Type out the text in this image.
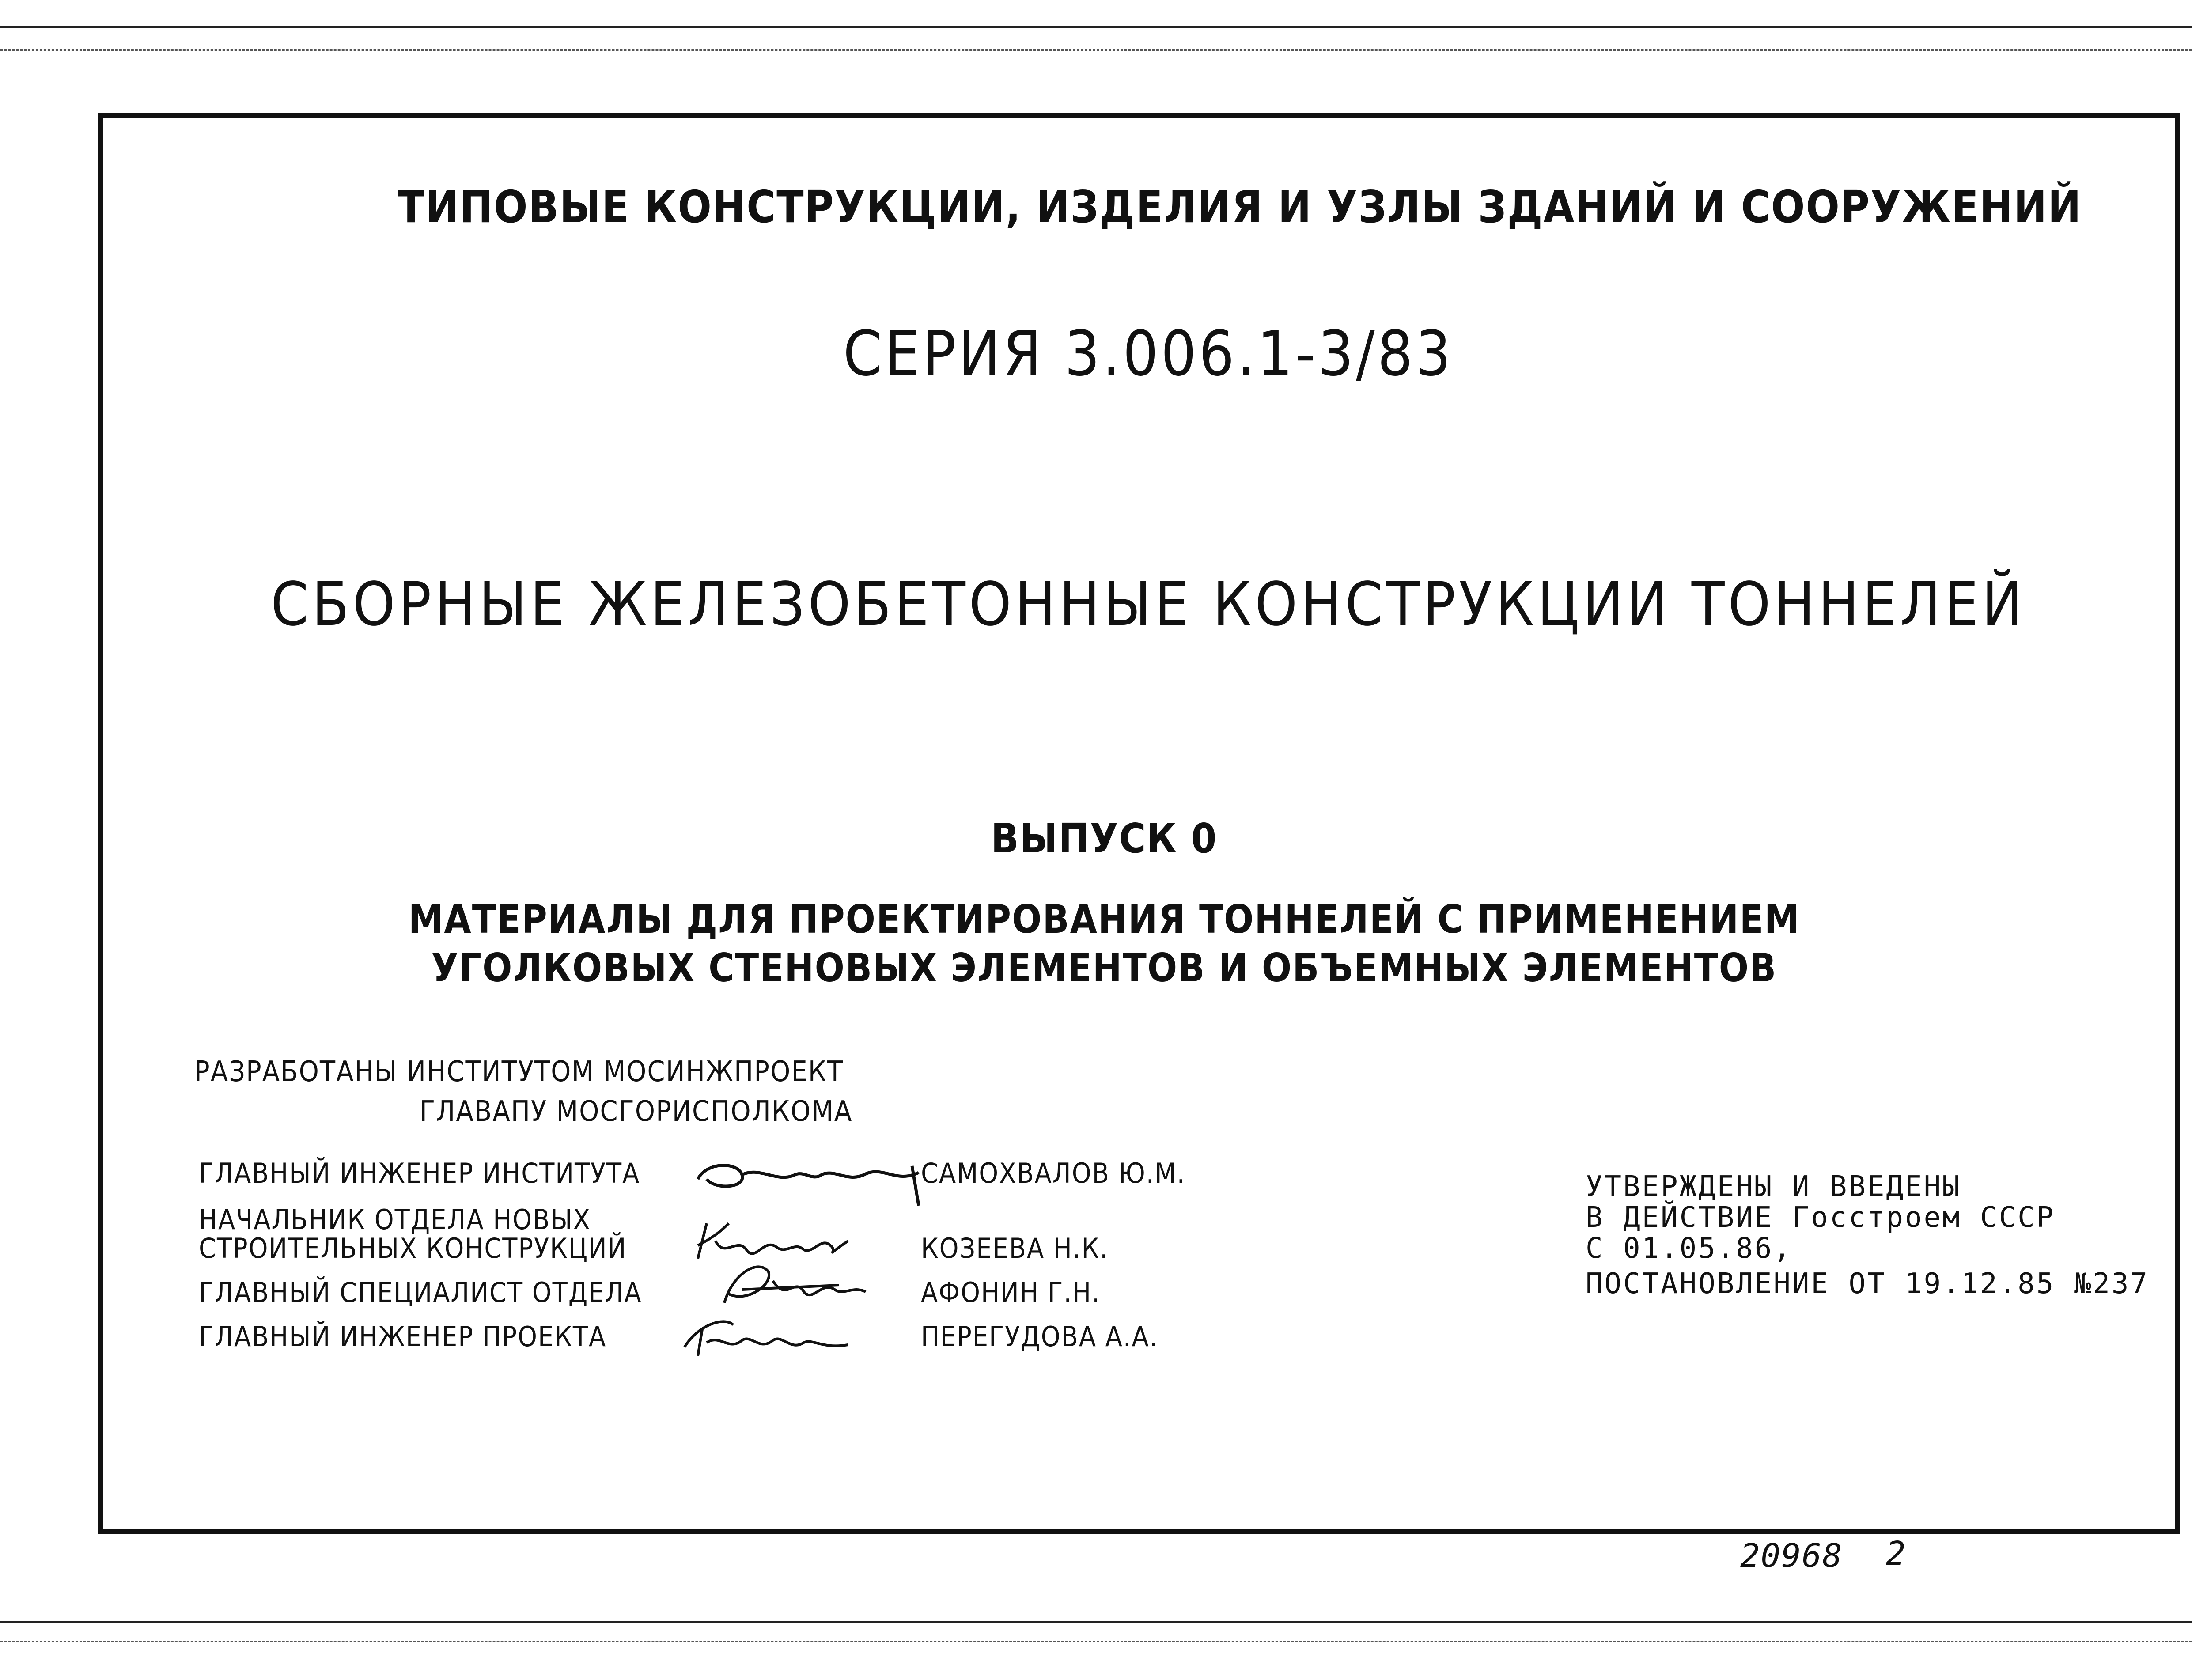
ТИПОВЫЕ КОНСТРУКЦИИ, ИЗДЕЛИЯ И УЗЛЫ ЗДАНИЙ И СООРУЖЕНИЙ
СЕРИЯ 3.006.1-3/83
СБОРНЫЕ ЖЕЛЕЗОБЕТОННЫЕ КОНСТРУКЦИИ ТОННЕЛЕЙ
ВЫПУСК 0
МАТЕРИАЛЫ ДЛЯ ПРОЕКТИРОВАНИЯ ТОННЕЛЕЙ С ПРИМЕНЕНИЕМ
УГОЛКОВЫХ СТЕНОВЫХ ЭЛЕМЕНТОВ И ОБЪЕМНЫХ ЭЛЕМЕНТОВ
РАЗРАБОТАНЫ ИНСТИТУТОМ МОСИНЖПРОЕКТ
ГЛАВАПУ МОСГОРИСПОЛКОМА
ГЛАВНЫЙ ИНЖЕНЕР ИНСТИТУТА	САМОХВАЛОВ Ю.М.
НАЧАЛЬНИК ОТДЕЛА НОВЫХ
СТРОИТЕЛЬНЫХ КОНСТРУКЦИЙ	КОЗЕЕВА Н.К.
ГЛАВНЫЙ СПЕЦИАЛИСТ ОТДЕЛА	АФОНИН Г.Н.
ГЛАВНЫЙ ИНЖЕНЕР ПРОЕКТА	ПЕРЕГУДОВА А.А.
УТВЕРЖДЕНЫ И ВВЕДЕНЫ
В ДЕЙСТВИЕ Госстроем СССР
С 01.05.86,
ПОСТАНОВЛЕНИЕ ОТ 19.12.85 №237
20968 2
